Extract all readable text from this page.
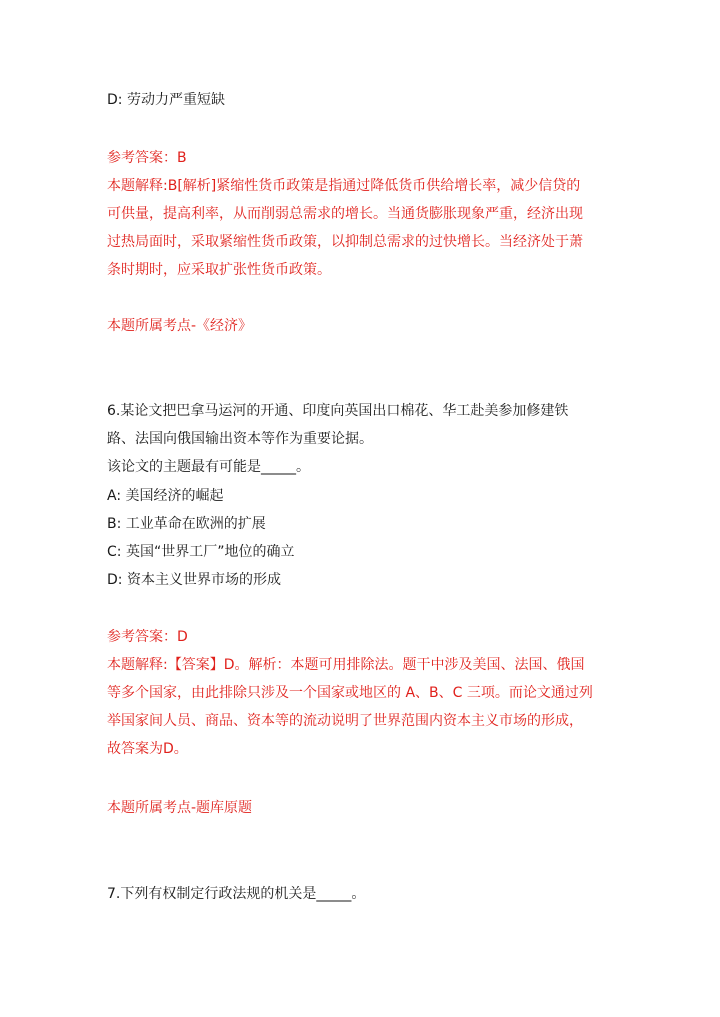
D: 劳动力严重短缺
参考答案：B
本题解释:B[解析]紧缩性货币政策是指通过降低货币供给增长率，减少信贷的
可供量，提高利率，从而削弱总需求的增长。当通货膨胀现象严重，经济出现
过热局面时，采取紧缩性货币政策，以抑制总需求的过快增长。当经济处于萧
条时期时，应采取扩张性货币政策。
本题所属考点-《经济》
6.某论文把巴拿马运河的开通、印度向英国出口棉花、华工赴美参加修建铁
路、法国向俄国输出资本等作为重要论据。
该论文的主题最有可能是_____。
A: 美国经济的崛起
B: 工业革命在欧洲的扩展
C: 英国“世界工厂”地位的确立
D: 资本主义世界市场的形成
参考答案：D
本题解释:【答案】D。解析：本题可用排除法。题干中涉及美国、法国、俄国
等多个国家，由此排除只涉及一个国家或地区的 A、B、C 三项。而论文通过列
举国家间人员、商品、资本等的流动说明了世界范围内资本主义市场的形成，
故答案为D。
本题所属考点-题库原题
7.下列有权制定行政法规的机关是_____。
